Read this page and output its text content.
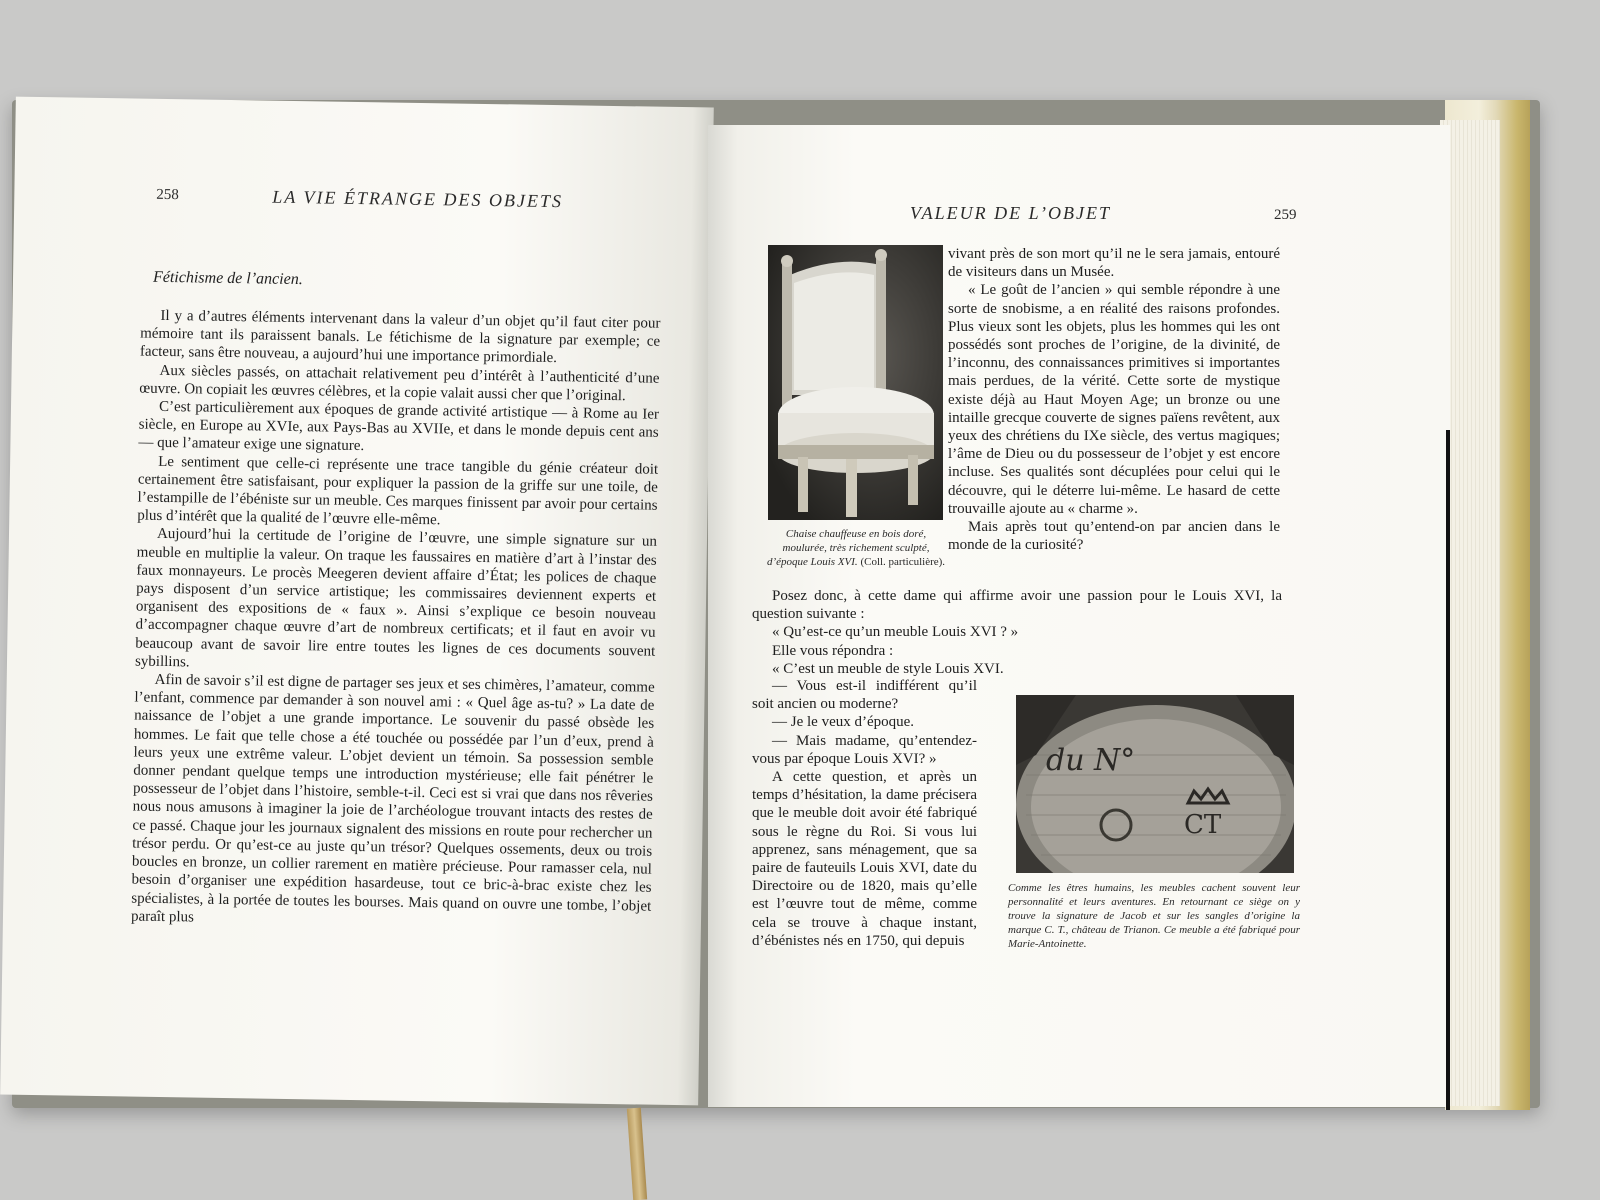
258	LA VIE ÉTRANGE DES OBJETS
Fétichisme de l’ancien.

Il y a d’autres éléments intervenant dans la valeur d’un objet qu’il faut citer pour mémoire tant ils paraissent banals. Le fétichisme de la signature par exemple; ce facteur, sans être nouveau, a aujourd’hui une importance primordiale.

Aux siècles passés, on attachait relativement peu d’intérêt à l’authenticité d’une œuvre. On copiait les œuvres célèbres, et la copie valait aussi cher que l’original.

C’est particulièrement aux époques de grande activité artistique — à Rome au Ier siècle, en Europe au XVIe, aux Pays-Bas au XVIIe, et dans le monde depuis cent ans — que l’amateur exige une signature.

Le sentiment que celle-ci représente une trace tangible du génie créateur doit certainement être satisfaisant, pour expliquer la passion de la griffe sur une toile, de l’estampille de l’ébéniste sur un meuble. Ces marques finissent par avoir pour certains plus d’intérêt que la qualité de l’œuvre elle-même.

Aujourd’hui la certitude de l’origine de l’œuvre, une simple signature sur un meuble en multiplie la valeur. On traque les faussaires en matière d’art à l’instar des faux monnayeurs. Le procès Meegeren devient affaire d’État; les polices de chaque pays disposent d’un service artistique; les commissaires deviennent experts et organisent des expositions de « faux ». Ainsi s’explique ce besoin nouveau d’accompagner chaque œuvre d’art de nombreux certificats; et il faut en avoir vu beaucoup avant de savoir lire entre toutes les lignes de ces documents souvent sybillins.

Afin de savoir s’il est digne de partager ses jeux et ses chimères, l’amateur, comme l’enfant, commence par demander à son nouvel ami : « Quel âge as-tu? » La date de naissance de l’objet a une grande importance. Le souvenir du passé obsède les hommes. Le fait que telle chose a été touchée ou possédée par l’un d’eux, prend à leurs yeux une extrême valeur. L’objet devient un témoin. Sa possession semble donner pendant quelque temps une introduction mystérieuse; elle fait pénétrer le possesseur de l’objet dans l’histoire, semble-t-il. Ceci est si vrai que dans nos rêveries nous nous amusons à imaginer la joie de l’archéologue trouvant intacts des restes de ce passé. Chaque jour les journaux signalent des missions en route pour rechercher un trésor perdu. Or qu’est-ce au juste qu’un trésor? Quelques ossements, deux ou trois boucles en bronze, un collier rarement en matière précieuse. Pour ramasser cela, nul besoin d’organiser une expédition hasardeuse, tout ce bric-à-brac existe chez les spécialistes, à la portée de toutes les bourses. Mais quand on ouvre une tombe, l’objet paraît plus

VALEUR DE L’OBJET	259
Chaise chauffeuse en bois doré, moulurée, très richement sculpté, d’époque Louis XVI. (Coll. particulière).

vivant près de son mort qu’il ne le sera jamais, entouré de visiteurs dans un Musée.

« Le goût de l’ancien » qui semble répondre à une sorte de snobisme, a en réalité des raisons profondes. Plus vieux sont les objets, plus les hommes qui les ont possédés sont proches de l’origine, de la divinité, de l’inconnu, des connaissances primitives si importantes mais perdues, de la vérité. Cette sorte de mystique existe déjà au Haut Moyen Age; un bronze ou une intaille grecque couverte de signes païens revêtent, aux yeux des chrétiens du IXe siècle, des vertus magiques; l’âme de Dieu ou du possesseur de l’objet y est encore incluse. Ses qualités sont décuplées pour celui qui le découvre, qui le déterre lui-même. Le hasard de cette trouvaille ajoute au « charme ».

Mais après tout qu’entend-on par ancien dans le monde de la curiosité?

Posez donc, à cette dame qui affirme avoir une passion pour le Louis XVI, la question suivante :

« Qu’est-ce qu’un meuble Louis XVI ? »

Elle vous répondra :

« C’est un meuble de style Louis XVI.

— Vous est-il indifférent qu’il soit ancien ou moderne?

— Je le veux d’époque.

— Mais madame, qu’entendez-vous par époque Louis XVI? »

A cette question, et après un temps d’hésitation, la dame précisera que le meuble doit avoir été fabriqué sous le règne du Roi. Si vous lui apprenez, sans ménagement, que sa paire de fauteuils Louis XVI, date du Directoire ou de 1820, mais qu’elle est l’œuvre tout de même, comme cela se trouve à chaque instant, d’ébénistes nés en 1750, qui depuis

du N°
CT
Comme les êtres humains, les meubles cachent souvent leur personnalité et leurs aventures. En retournant ce siège on y trouve la signature de Jacob et sur les sangles d’origine la marque C. T., château de Trianon. Ce meuble a été fabriqué pour Marie-Antoinette.
